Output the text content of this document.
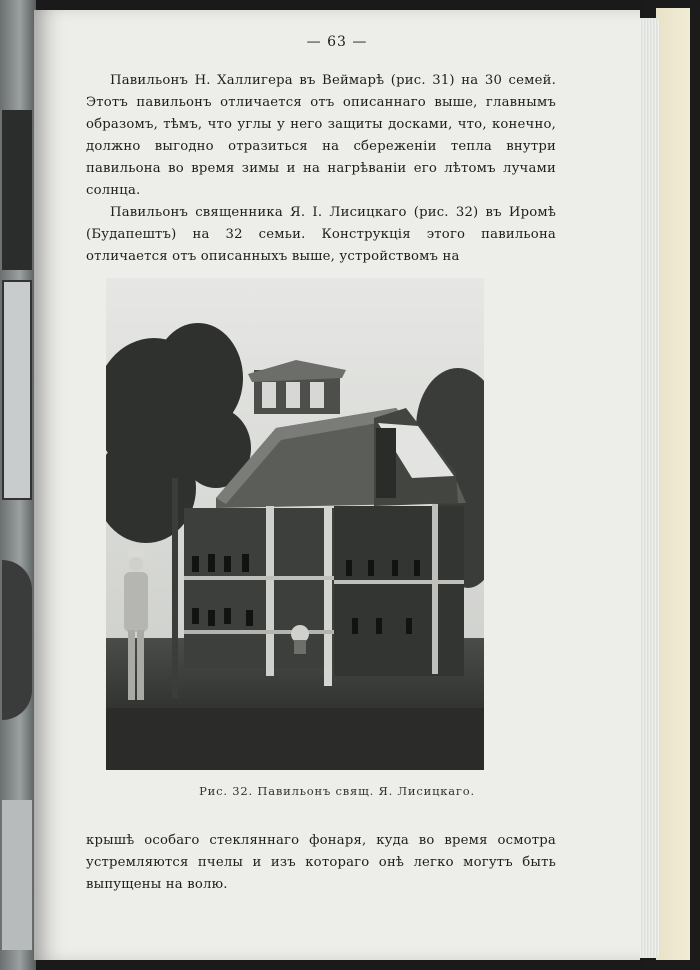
— 63 —

Павильонъ Н. Халлигера въ Веймарѣ (рис. 31) на 30 семей. Этотъ павильонъ отличается отъ описаннаго выше, главнымъ образомъ, тѣмъ, что углы у него защиты досками, что, конечно, должно выгодно отразиться на сбереженіи тепла внутри павильона во время зимы и на нагрѣваніи его лѣтомъ лучами солнца.

Павильонъ священника Я. І. Лисицкаго (рис. 32) въ Иромѣ (Будапештъ) на 32 семьи. Конструкція этого павильона отличается отъ описанныхъ выше, устройствомъ на

Рис. 32. Павильонъ свящ. Я. Лисицкаго.

крышѣ особаго стекляннаго фонаря, куда во время осмотра устремляются пчелы и изъ котораго онѣ легко могутъ быть выпущены на волю.
